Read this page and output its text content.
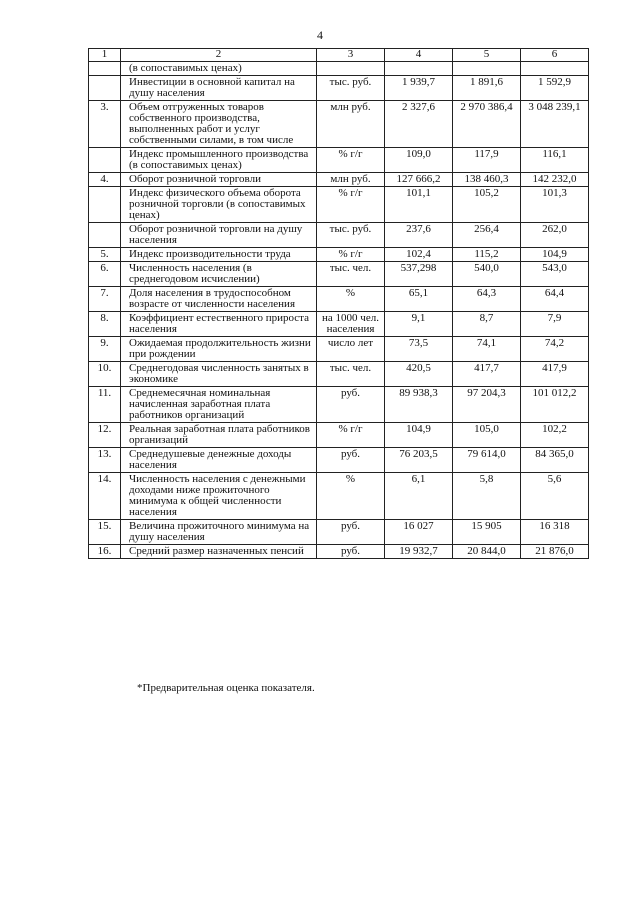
4
1	2	3	4	5	6
	(в сопоставимых ценах)				
	Инвестиции в основной капитал на душу населения	тыс. руб.	1 939,7	1 891,6	1 592,9
3.	Объем отгруженных товаров собственного производства, выполненных работ и услуг собственными силами, в том числе	млн руб.	2 327,6	2 970 386,4	3 048 239,1
	Индекс промышленного производства (в сопоставимых ценах)	% г/г	109,0	117,9	116,1
4.	Оборот розничной торговли	млн руб.	127 666,2	138 460,3	142 232,0
	Индекс физического объема оборота розничной торговли (в сопоставимых ценах)	% г/г	101,1	105,2	101,3
	Оборот розничной торговли на душу населения	тыс. руб.	237,6	256,4	262,0
5.	Индекс производительности труда	% г/г	102,4	115,2	104,9
6.	Численность населения (в среднегодовом исчислении)	тыс. чел.	537,298	540,0	543,0
7.	Доля населения в трудоспособном возрасте от численности населения	%	65,1	64,3	64,4
8.	Коэффициент естественного прироста населения	на 1000 чел. населения	9,1	8,7	7,9
9.	Ожидаемая продолжительность жизни при рождении	число лет	73,5	74,1	74,2
10.	Среднегодовая численность занятых в экономике	тыс. чел.	420,5	417,7	417,9
11.	Среднемесячная номинальная начисленная заработная плата работников организаций	руб.	89 938,3	97 204,3	101 012,2
12.	Реальная заработная плата работников организаций	% г/г	104,9	105,0	102,2
13.	Среднедушевые денежные доходы населения	руб.	76 203,5	79 614,0	84 365,0
14.	Численность населения с денежными доходами ниже прожиточного минимума к общей численности населения	%	6,1	5,8	5,6
15.	Величина прожиточного минимума на душу населения	руб.	16 027	15 905	16 318
16.	Средний размер назначенных пенсий	руб.	19 932,7	20 844,0	21 876,0
*Предварительная оценка показателя.
